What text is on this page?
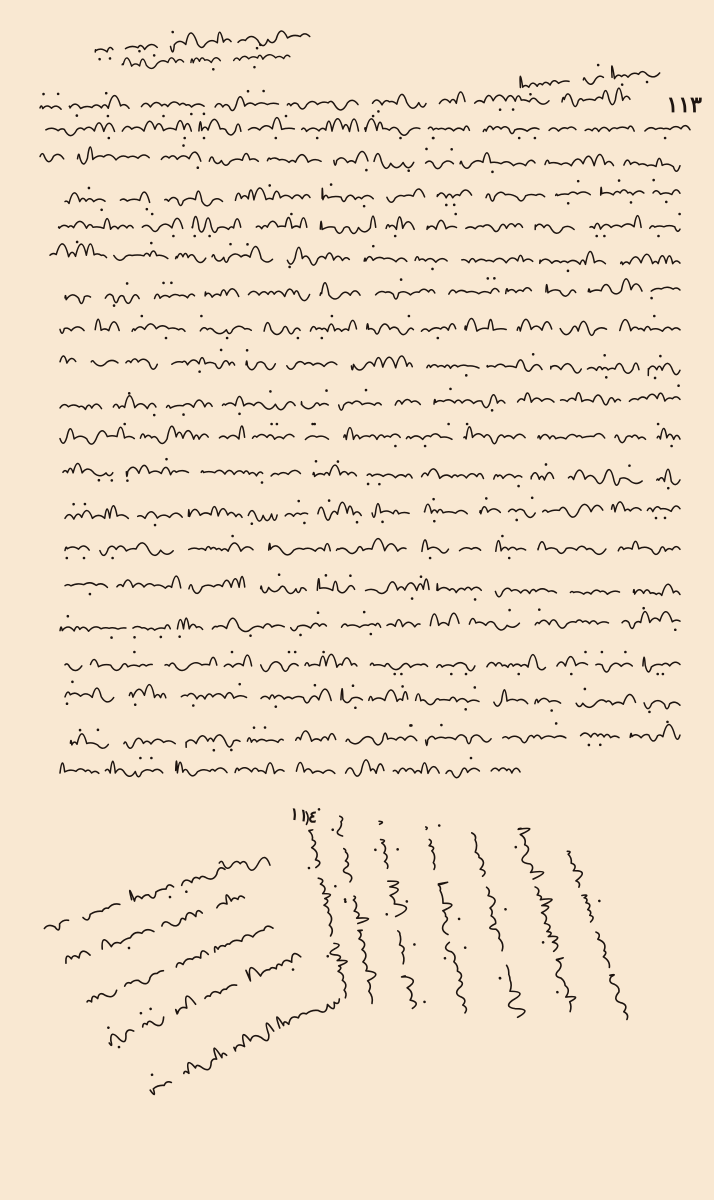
١١٣
١١٤
